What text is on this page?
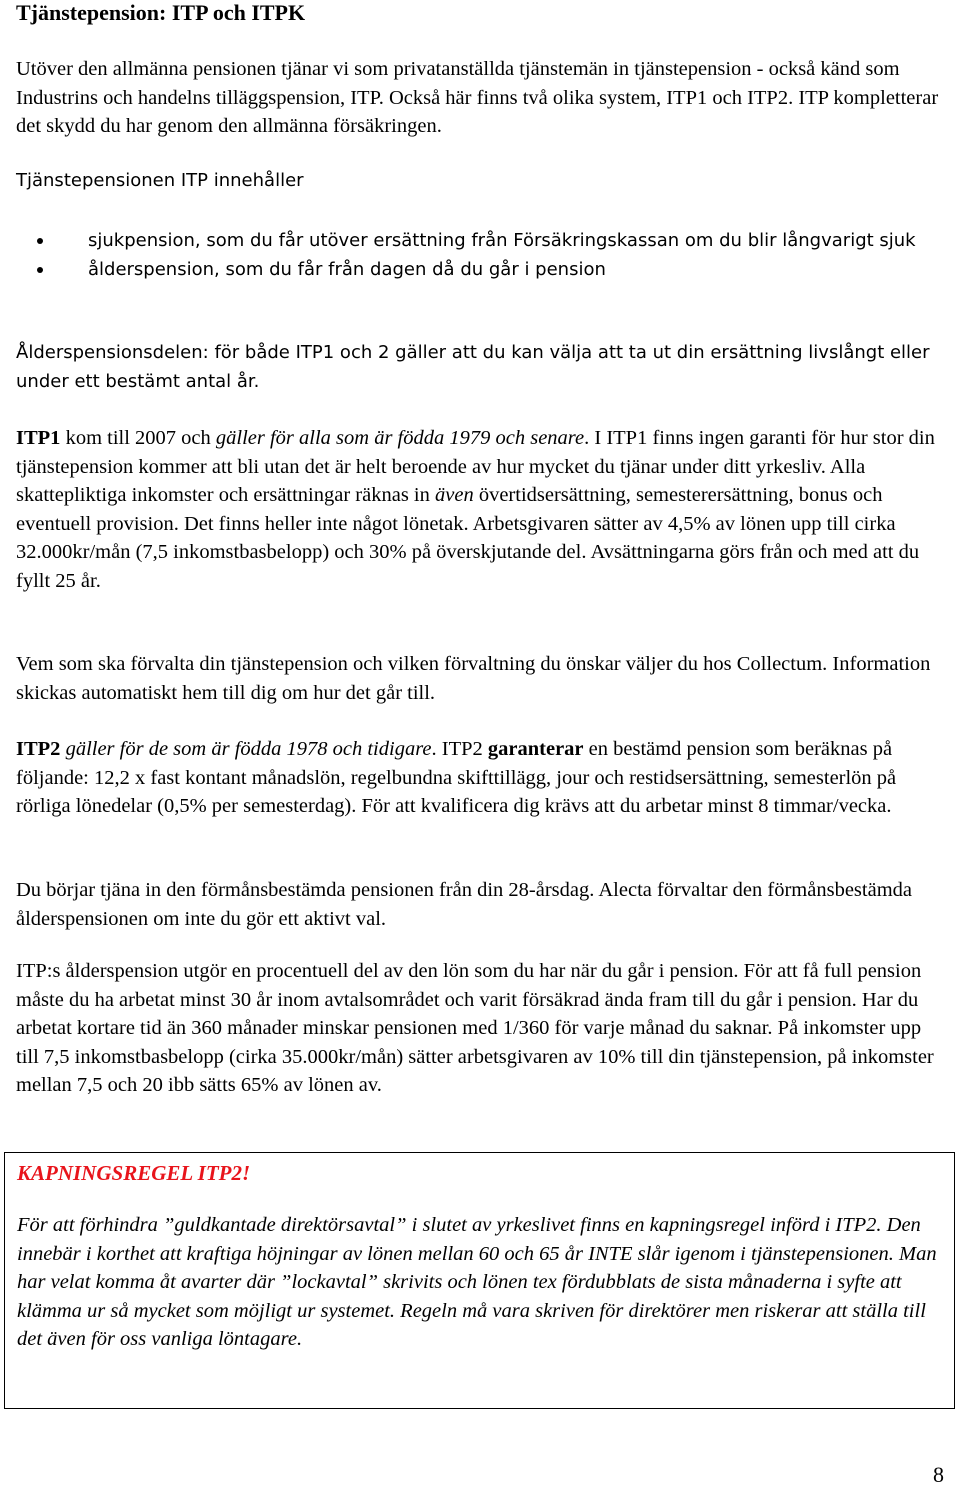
Tjänstepension: ITP och ITPK

Utöver den allmänna pensionen tjänar vi som privatanställda tjänstemän in tjänstepension - också känd som Industrins och handelns tilläggspension, ITP. Också här finns två olika system, ITP1 och ITP2. ITP kompletterar det skydd du har genom den allmänna försäkringen.

Tjänstepensionen ITP innehåller

sjukpension, som du får utöver ersättning från Försäkringskassan om du blir långvarigt sjuk
ålderspension, som du får från dagen då du går i pension

Ålderspensionsdelen: för både ITP1 och 2 gäller att du kan välja att ta ut din ersättning livslångt eller under ett bestämt antal år.

ITP1 kom till 2007 och gäller för alla som är födda 1979 och senare. I ITP1 finns ingen garanti för hur stor din tjänstepension kommer att bli utan det är helt beroende av hur mycket du tjänar under ditt yrkesliv. Alla skattepliktiga inkomster och ersättningar räknas in även övertidsersättning, semesterersättning, bonus och eventuell provision. Det finns heller inte något lönetak. Arbetsgivaren sätter av 4,5% av lönen upp till cirka 32.000kr/mån (7,5 inkomstbasbelopp) och 30% på överskjutande del. Avsättningarna görs från och med att du fyllt 25 år.

Vem som ska förvalta din tjänstepension och vilken förvaltning du önskar väljer du hos Collectum. Information skickas automatiskt hem till dig om hur det går till.

ITP2 gäller för de som är födda 1978 och tidigare. ITP2 garanterar en bestämd pension som beräknas på följande: 12,2 x fast kontant månadslön, regelbundna skifttillägg, jour och restidsersättning, semesterlön på rörliga lönedelar (0,5% per semesterdag). För att kvalificera dig krävs att du arbetar minst 8 timmar/vecka.

Du börjar tjäna in den förmånsbestämda pensionen från din 28-årsdag. Alecta förvaltar den förmånsbestämda ålderspensionen om inte du gör ett aktivt val.

ITP:s ålderspension utgör en procentuell del av den lön som du har när du går i pension. För att få full pension måste du ha arbetat minst 30 år inom avtalsområdet och varit försäkrad ända fram till du går i pension. Har du arbetat kortare tid än 360 månader minskar pensionen med 1/360 för varje månad du saknar. På inkomster upp till 7,5 inkomstbasbelopp (cirka 35.000kr/mån) sätter arbetsgivaren av 10% till din tjänstepension, på inkomster mellan 7,5 och 20 ibb sätts 65% av lönen av.

KAPNINGSREGEL ITP2!

För att förhindra ”guldkantade direktörsavtal” i slutet av yrkeslivet finns en kapningsregel införd i ITP2. Den innebär i korthet att kraftiga höjningar av lönen mellan 60 och 65 år INTE slår igenom i tjänstepensionen. Man har velat komma åt avarter där ”lockavtal” skrivits och lönen tex fördubblats de sista månaderna i syfte att klämma ur så mycket som möjligt ur systemet. Regeln må vara skriven för direktörer men riskerar att ställa till det även för oss vanliga löntagare.

8
